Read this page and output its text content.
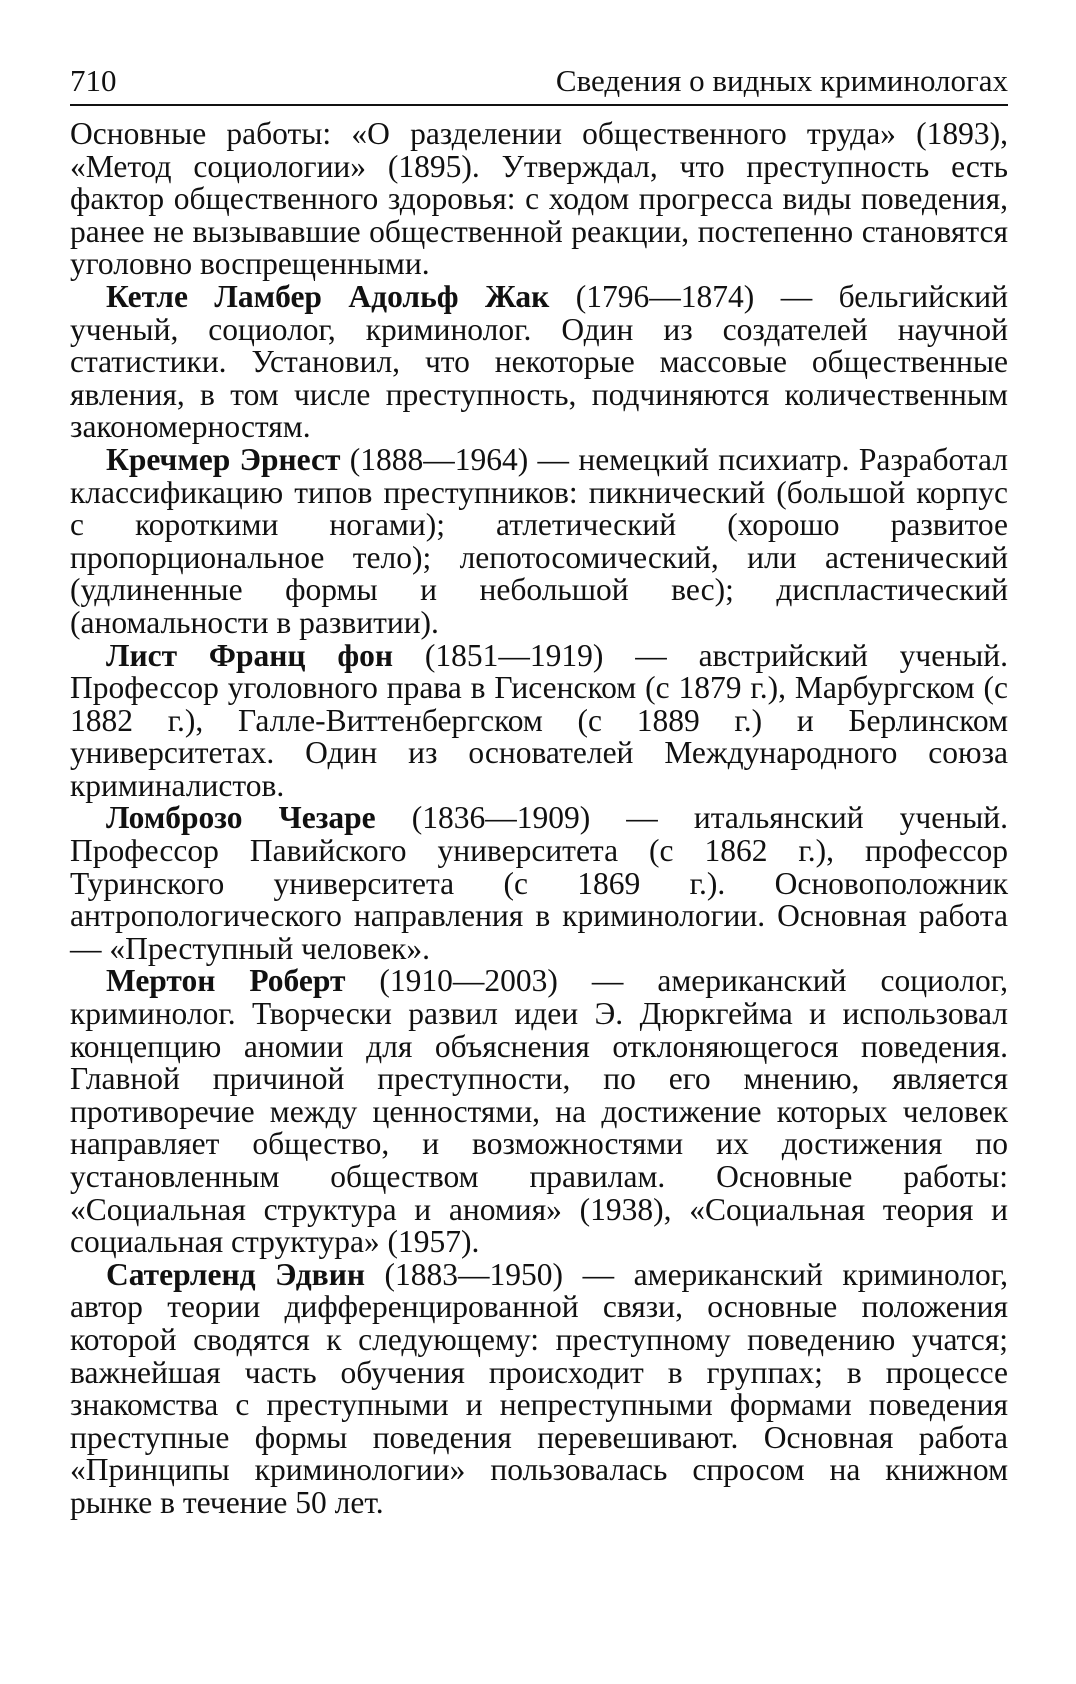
710	Сведения о видных криминологах

Основные работы: «О разделении общественного труда» (1893), «Метод социологии» (1895). Утверждал, что преступность есть фактор общественного здоровья: с ходом прогресса виды поведения, ранее не вызывавшие общественной реакции, постепенно становятся уголовно воспрещенными.

Кетле Ламбер Адольф Жак (1796—1874) — бельгийский ученый, социолог, криминолог. Один из создателей научной статистики. Установил, что некоторые массовые общественные явления, в том числе преступность, подчиняются количественным закономерностям.

Кречмер Эрнест (1888—1964) — немецкий психиатр. Разработал классификацию типов преступников: пикнический (большой корпус с короткими ногами); атлетический (хорошо развитое пропорциональное тело); лепотосомический, или астенический (удлиненные формы и небольшой вес); диспластический (аномальности в развитии).

Лист Франц фон (1851—1919) — австрийский ученый. Профессор уголовного права в Гисенском (с 1879 г.), Марбургском (с 1882 г.), Галле-Виттенбергском (с 1889 г.) и Берлинском университетах. Один из основателей Международного союза криминалистов.

Ломброзо Чезаре (1836—1909) — итальянский ученый. Профессор Павийского университета (с 1862 г.), профессор Туринского университета (с 1869 г.). Основоположник антропологического направления в криминологии. Основная работа — «Преступный человек».

Мертон Роберт (1910—2003) — американский социолог, криминолог. Творчески развил идеи Э. Дюркгейма и использовал концепцию аномии для объяснения отклоняющегося поведения. Главной причиной преступности, по его мнению, является противоречие между ценностями, на достижение которых человек направляет общество, и возможностями их достижения по установленным обществом правилам. Основные работы: «Социальная структура и аномия» (1938), «Социальная теория и социальная структура» (1957).

Сатерленд Эдвин (1883—1950) — американский криминолог, автор теории дифференцированной связи, основные положения которой сводятся к следующему: преступному поведению учатся; важнейшая часть обучения происходит в группах; в процессе знакомства с преступными и непреступными формами поведения преступные формы поведения перевешивают. Основная работа «Принципы криминологии» пользовалась спросом на книжном рынке в течение 50 лет.
